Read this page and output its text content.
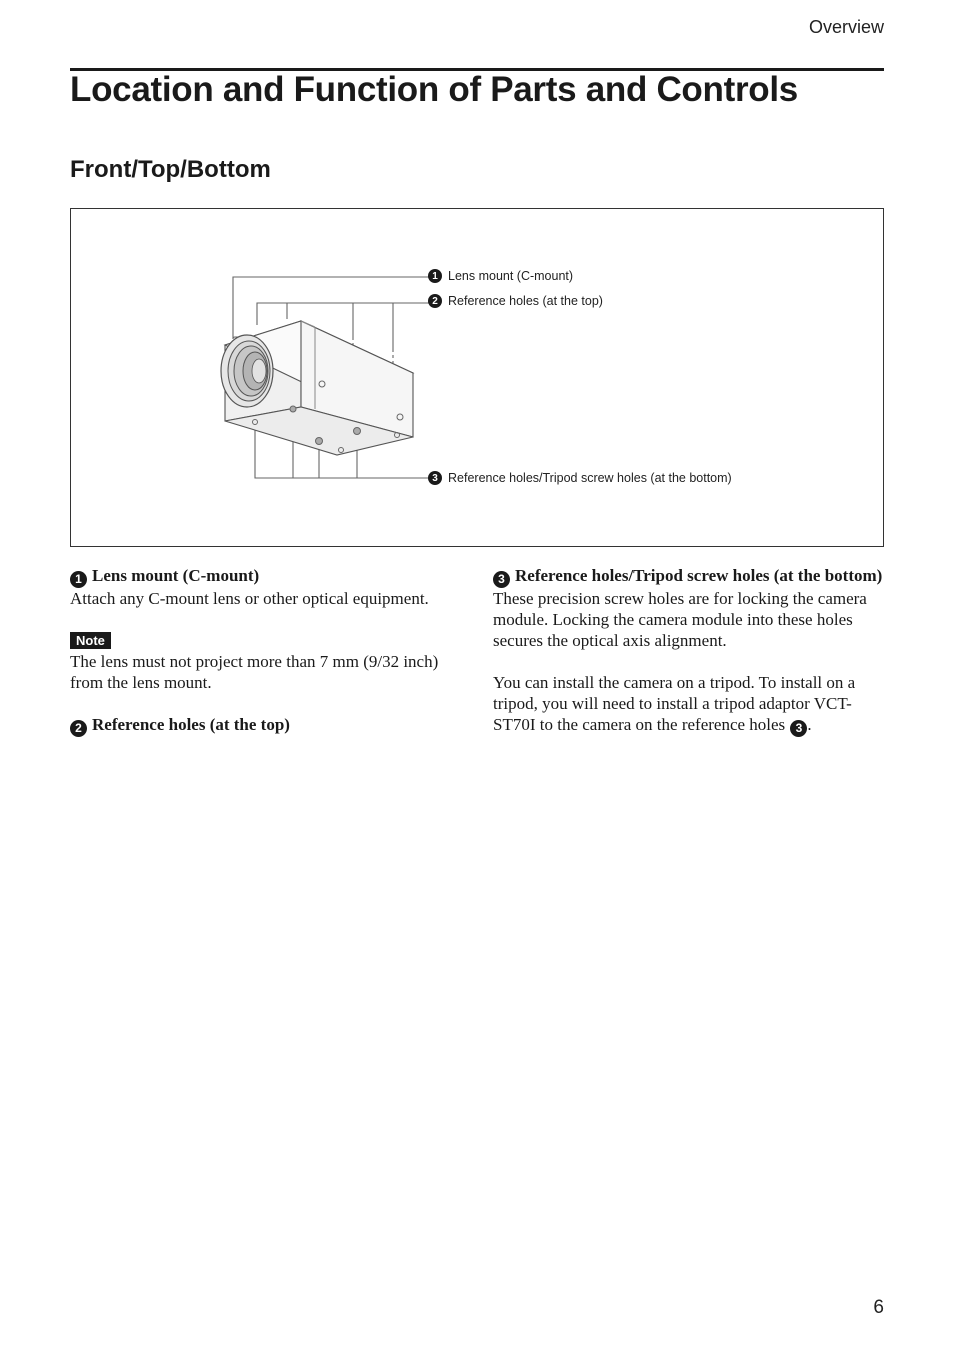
Overview
Location and Function of Parts and Controls
Front/Top/Bottom
1 Lens mount (C-mount)
2 Reference holes (at the top)
3 Reference holes/Tripod screw holes (at the bottom)

1 Lens mount (C-mount)

Attach any C-mount lens or other optical equipment.

Note

The lens must not project more than 7 mm (9/32 inch) from the lens mount.

2 Reference holes (at the top)

3 Reference holes/Tripod screw holes (at the bottom)

These precision screw holes are for locking the camera module. Locking the camera module into these holes secures the optical axis alignment.

You can install the camera on a tripod. To install on a tripod, you will need to install a tripod adaptor VCT-ST70I to the camera on the reference holes 3 .

6
